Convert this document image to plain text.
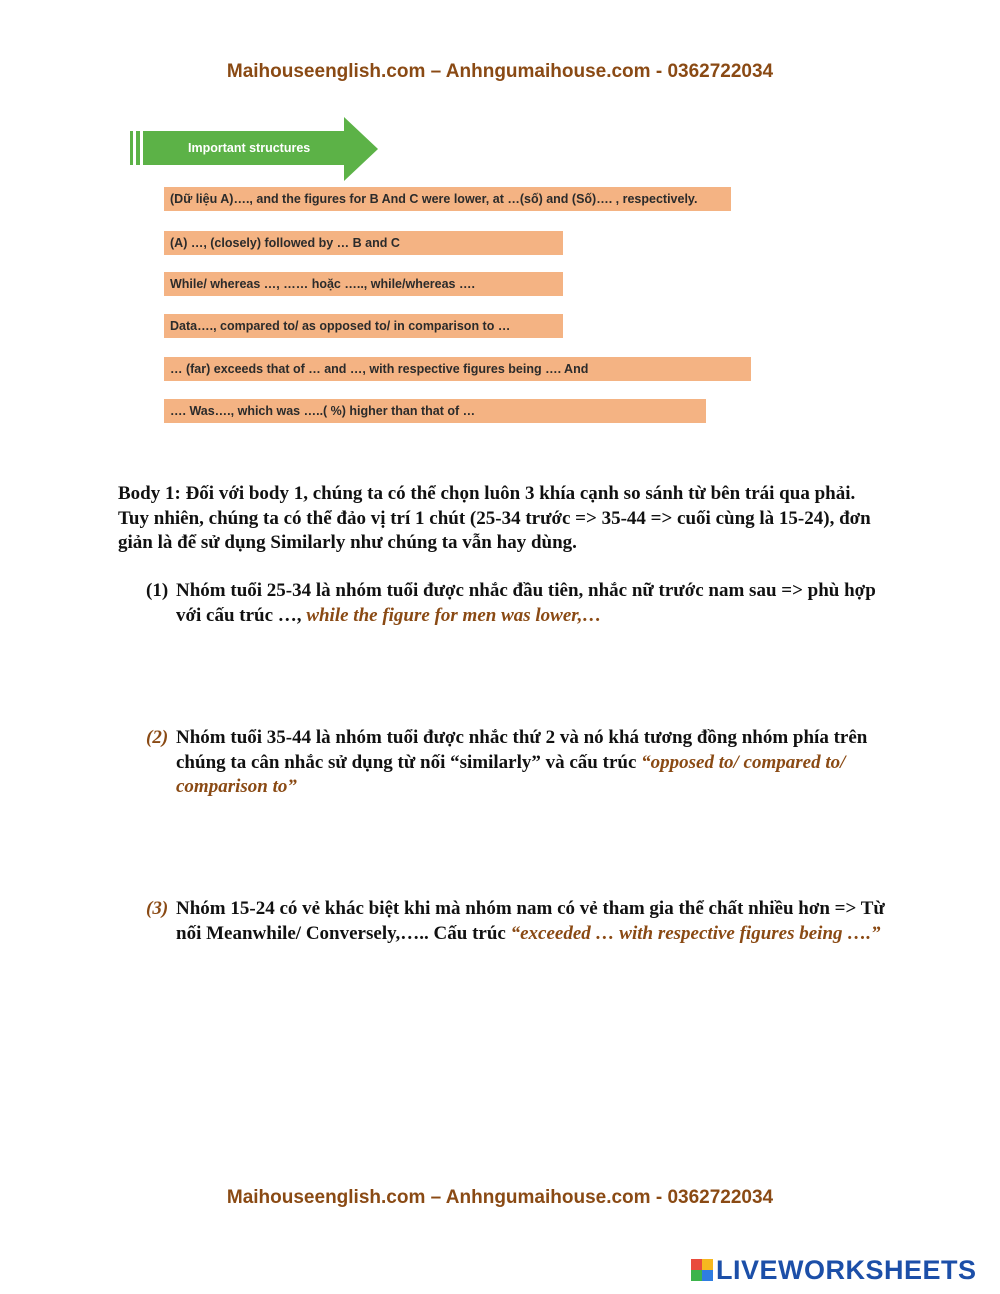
Maihouseenglish.com – Anhngumaihouse.com - 0362722034
Important structures
(Dữ liệu A)…., and the figures for B And C were lower, at …(số) and (Số)…. , respectively.
(A) …, (closely) followed by … B and C
While/ whereas …, …… hoặc ….., while/whereas ….
Data…., compared to/ as opposed to/ in comparison to …
… (far) exceeds that of … and …, with respective figures being …. And
…. Was…., which was …..( %) higher than that of …
Body 1: Đối với body 1, chúng ta có thể chọn luôn 3 khía cạnh so sánh từ bên trái qua phải. Tuy nhiên, chúng ta có thể đảo vị trí 1 chút (25-34 trước => 35-44 => cuối cùng là 15-24), đơn giản là để sử dụng Similarly như chúng ta vẫn hay dùng.
(1) Nhóm tuổi 25-34 là nhóm tuổi được nhắc đầu tiên, nhắc nữ trước nam sau => phù hợp với cấu trúc …, while the figure for men was lower,…
(2) Nhóm tuổi 35-44 là nhóm tuổi được nhắc thứ 2 và nó khá tương đồng nhóm phía trên chúng ta cân nhắc sử dụng từ nối “similarly” và cấu trúc “opposed to/ compared to/ comparison to”
(3) Nhóm 15-24 có vẻ khác biệt khi mà nhóm nam có vẻ tham gia thể chất nhiều hơn => Từ nối Meanwhile/ Conversely,….. Cấu trúc “exceeded … with respective figures being ….”
Maihouseenglish.com – Anhngumaihouse.com - 0362722034
LIVEWORKSHEETS
